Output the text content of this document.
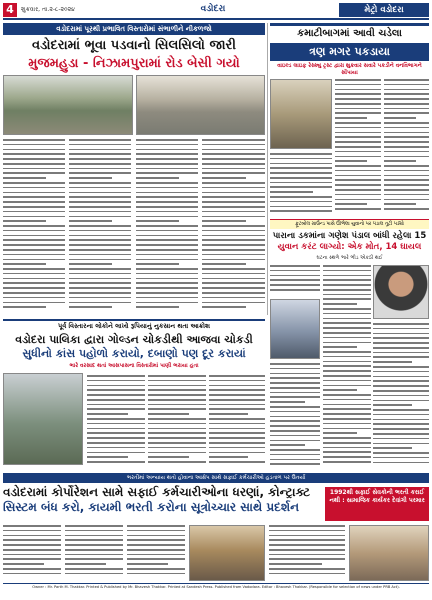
4	શુક્રવાર, તા.૨-૮-૨૦૨૪	વડોદરા	મેટ્રો વડોદરા
વડોદરામાં પૂરથી પ્રભાવિત વિસ્તારોમાં સંભાળીને નીકળજો
વડોદરામાં ભૂવા પડવાનો સિલસિલો જારી
મુજમહુડા - નિઝામપુરામાં રોડ બેસી ગયો
કમાટીબાગમાં આવી ચડેલા
ત્રણ મગર પકડાયા
વાઇલ્ડ લાઇફ રેસ્ક્યુ ટ્રસ્ટ દ્વારા શુક્રવાર સવારે પકડીને વનવિભાગને સોંપાયા
ફૂટબોલ ગ્રાઉન્ડ પાસે ઊભેલા યુવાનો પર પંડાલ તૂટી પડ્યો
પારાના ડકમાંના ગણેશ પંડાલ બાંધી રહેલા 15
યુવાન કરંટ લાગ્યો: એક મોત, 14 ઘાયલ
ઘટના સ્થળે ભારે ભીડ એકઠી થઈ
પૂર્વ વિસ્તારના લોકોને લાખો રૂપિયાનું નુકસાન થતા આક્રોશ
વડોદરા પાલિકા દ્વારા ગોલ્ડન ચોકડીથી આજવા ચોકડી
સુધીનો કાંસ પહોળો કરાયો, દબાણો પણ દૂર કરાયાં
ભારે વરસાદ થતાં આસપાસના વિસ્તારોમાં પાણી ભરાયા હતા
ભરતીમાં અન્યાય થતો હોવાના આક્ષેપ સાથે સફાઈ કર્મચારીઓ હડતાળ પર ઉતર્યા
વડોદરામાં કોર્પોરેશન સામે સફાઈ કર્મચારીઓના ધરણાં, કોન્ટ્રાક્ટ
સિસ્ટમ બંધ કરો, કાયમી ભરતી કરોના સૂત્રોચ્ચાર સાથે પ્રદર્શન
1992થી સફાઈ સેવકોની ભરતી કરાઈ નથી : સામાજિક કાર્યકર દેવાંગી પરમાર
Owner : Mr. Parth M. Thakkar. Printed & Published by Mr. Bhavesh Thakkar. Printed at Sandesh Press. Published from Vadodara. Editor : Bhavesh Thakkar. (Responsible for selection of news under PRB Act).
